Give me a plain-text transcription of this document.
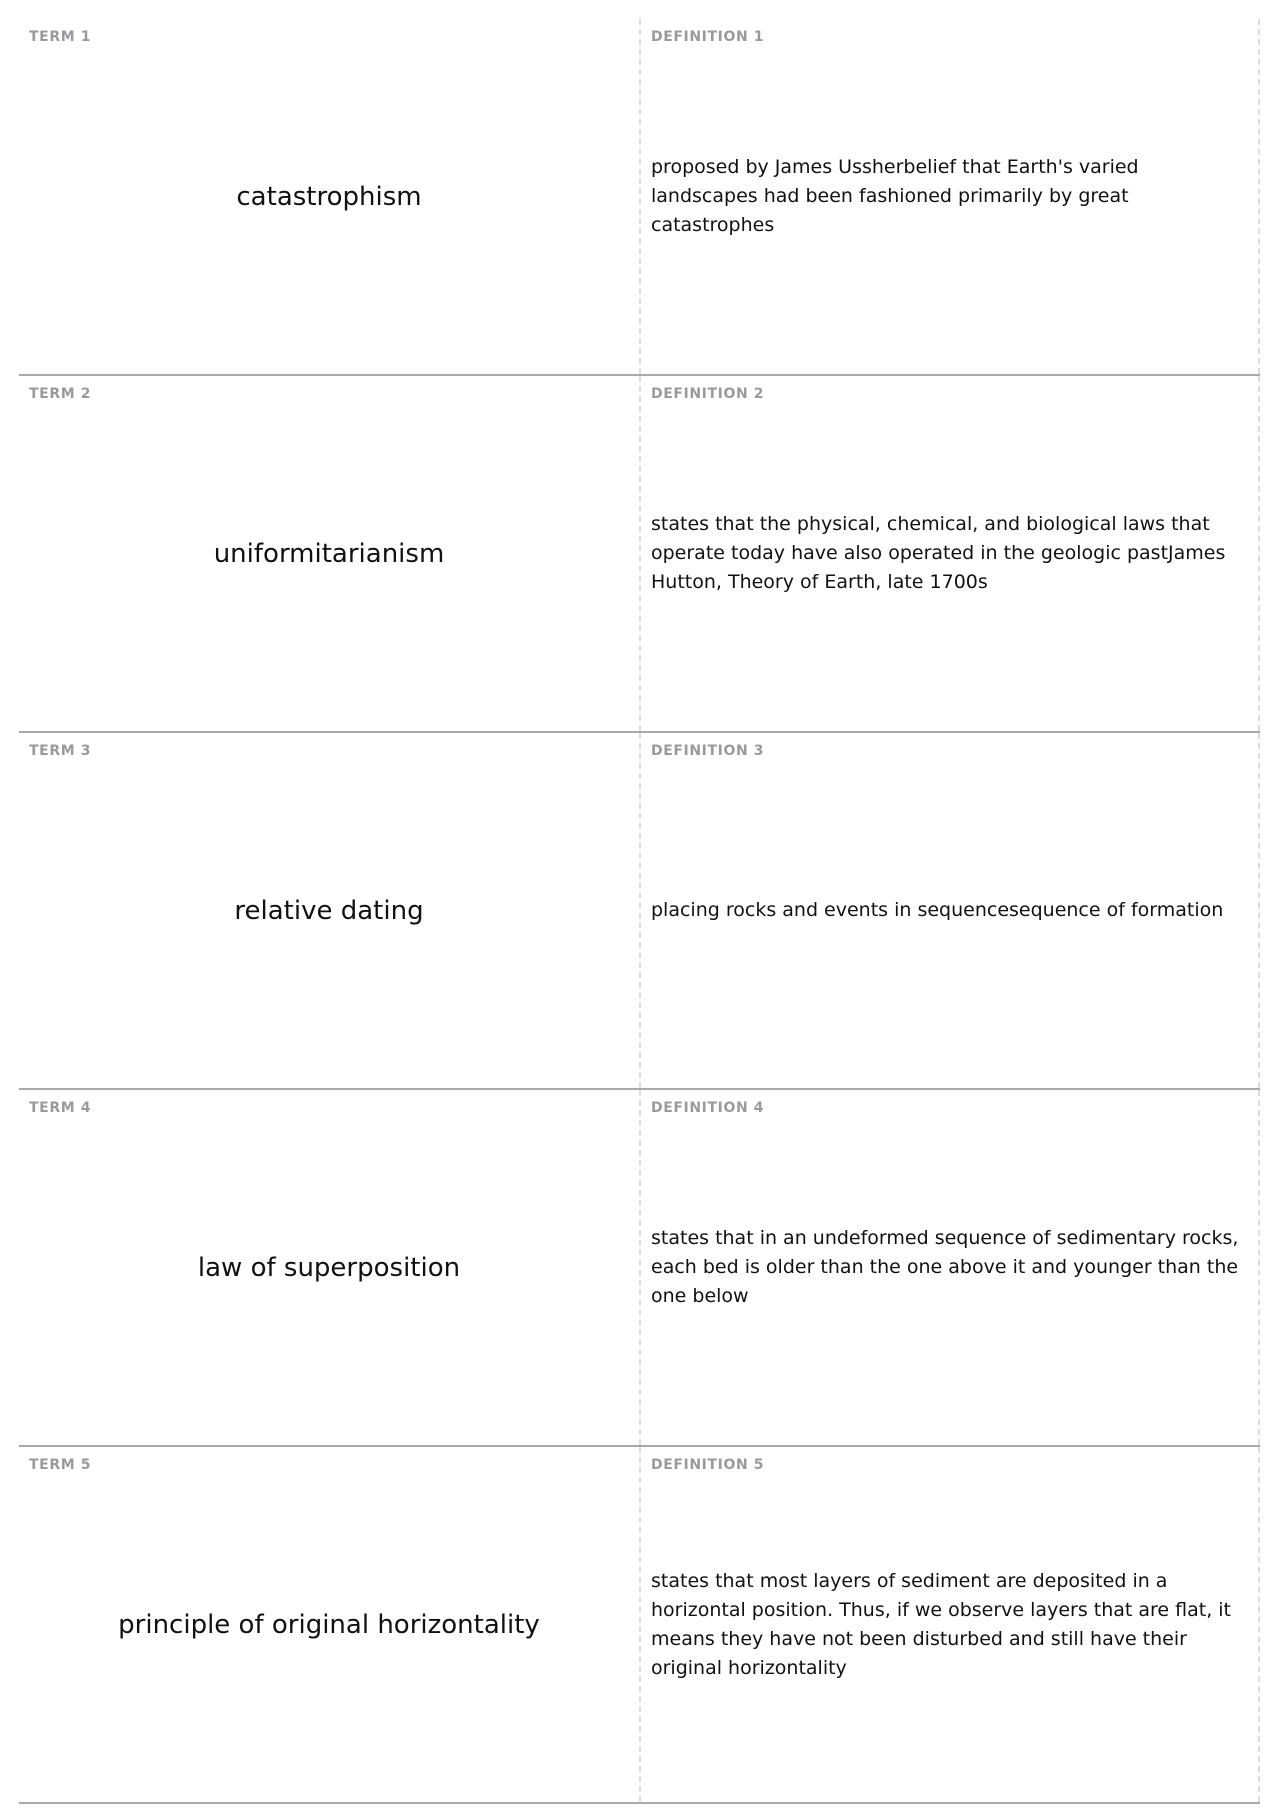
TERM 1
catastrophism
DEFINITION 1
proposed by James Ussherbelief that Earth's varied landscapes had been fashioned primarily by great catastrophes
TERM 2
uniformitarianism
DEFINITION 2
states that the physical, chemical, and biological laws that operate today have also operated in the geologic pastJames Hutton, Theory of Earth, late 1700s
TERM 3
relative dating
DEFINITION 3
placing rocks and events in sequencesequence of formation
TERM 4
law of superposition
DEFINITION 4
states that in an undeformed sequence of sedimentary rocks, each bed is older than the one above it and younger than the one below
TERM 5
principle of original horizontality
DEFINITION 5
states that most layers of sediment are deposited in a horizontal position. Thus, if we observe layers that are flat, it means they have not been disturbed and still have their original horizontality
